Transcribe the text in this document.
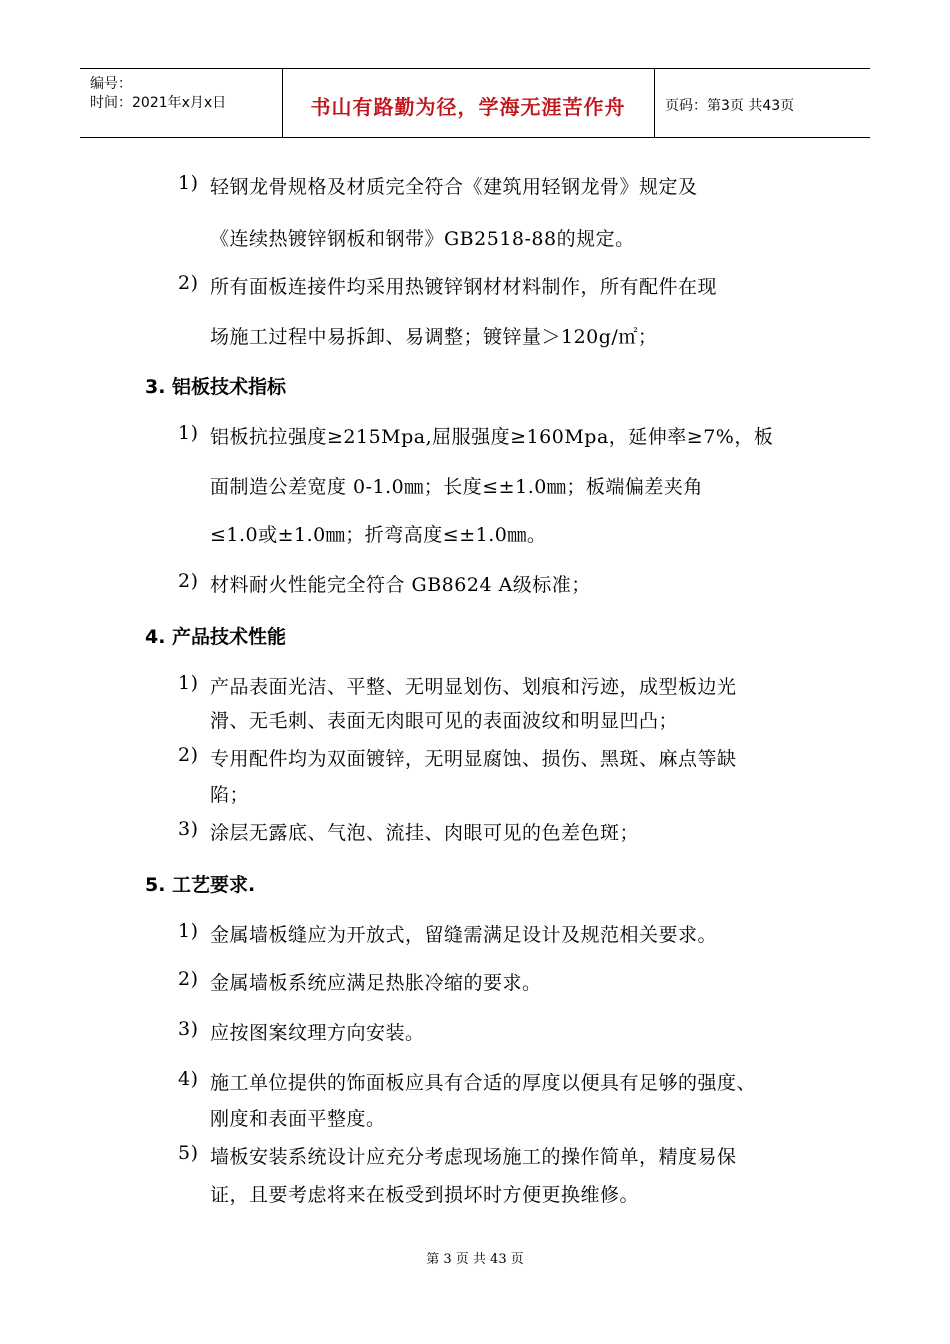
编号：
时间：2021年x月x日	书山有路勤为径，学海无涯苦作舟	页码：第3页 共43页
1) 轻钢龙骨规格及材质完全符合《建筑用轻钢龙骨》规定及
《连续热镀锌钢板和钢带》GB2518-88的规定。
2) 所有面板连接件均采用热镀锌钢材材料制作，所有配件在现
场施工过程中易拆卸、易调整；镀锌量＞120g/㎡；
3. 铝板技术指标
1) 铝板抗拉强度≥215Mpa,屈服强度≥160Mpa，延伸率≥7%，板
面制造公差宽度 0-1.0㎜；长度≤±1.0㎜；板端偏差夹角
≤1.0或±1.0㎜；折弯高度≤±1.0㎜。
2) 材料耐火性能完全符合 GB8624 A级标准；
4. 产品技术性能
1) 产品表面光洁、平整、无明显划伤、划痕和污迹，成型板边光
滑、无毛刺、表面无肉眼可见的表面波纹和明显凹凸；
2) 专用配件均为双面镀锌，无明显腐蚀、损伤、黑斑、麻点等缺
陷；
3) 涂层无露底、气泡、流挂、肉眼可见的色差色斑；
5. 工艺要求.
1) 金属墙板缝应为开放式，留缝需满足设计及规范相关要求。
2) 金属墙板系统应满足热胀冷缩的要求。
3) 应按图案纹理方向安装。
4) 施工单位提供的饰面板应具有合适的厚度以便具有足够的强度、
刚度和表面平整度。
5) 墙板安装系统设计应充分考虑现场施工的操作简单，精度易保
证，且要考虑将来在板受到损坏时方便更换维修。
第 3 页 共 43 页
